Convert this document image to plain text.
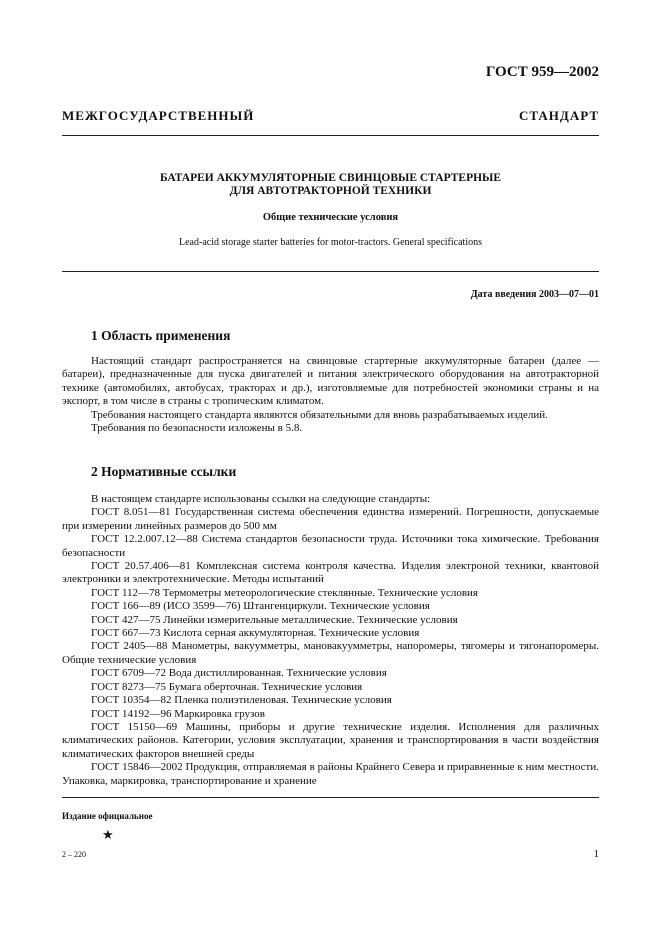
ГОСТ 959—2002
МЕЖГОСУДАРСТВЕННЫЙ СТАНДАРТ
БАТАРЕИ АККУМУЛЯТОРНЫЕ СВИНЦОВЫЕ СТАРТЕРНЫЕ
ДЛЯ АВТОТРАКТОРНОЙ ТЕХНИКИ
Общие технические условия
Lead-acid storage starter batteries for motor-tractors. General specifications
Дата введения 2003—07—01
1 Область применения

Настоящий стандарт распространяется на свинцовые стартерные аккумуляторные батареи (далее — батареи), предназначенные для пуска двигателей и питания электрического оборудования на автотракторной технике (автомобилях, автобусах, тракторах и др.), изготовляемые для потребностей экономики страны и на экспорт, в том числе в страны с тропическим климатом.

Требования настоящего стандарта являются обязательными для вновь разрабатываемых изделий.

Требования по безопасности изложены в 5.8.

2 Нормативные ссылки

В настоящем стандарте использованы ссылки на следующие стандарты:

ГОСТ 8.051—81 Государственная система обеспечения единства измерений. Погрешности, допускаемые при измерении линейных размеров до 500 мм

ГОСТ 12.2.007.12—88 Система стандартов безопасности труда. Источники тока химические. Требования безопасности

ГОСТ 20.57.406—81 Комплексная система контроля качества. Изделия электроной техники, квантовой электроники и электротехнические. Методы испытаний

ГОСТ 112—78 Термометры метеорологические стеклянные. Технические условия

ГОСТ 166—89 (ИСО 3599—76) Штангенциркули. Технические условия

ГОСТ 427—75 Линейки измерительные металлические. Технические условия

ГОСТ 667—73 Кислота серная аккумуляторная. Технические условия

ГОСТ 2405—88 Манометры, вакуумметры, мановакуумметры, напоромеры, тягомеры и тягонапоромеры. Общие технические условия

ГОСТ 6709—72 Вода дистиллированная. Технические условия

ГОСТ 8273—75 Бумага оберточная. Технические условия

ГОСТ 10354—82 Пленка полиэтиленовая. Технические условия

ГОСТ 14192—96 Маркировка грузов

ГОСТ 15150—69 Машины, приборы и другие технические изделия. Исполнения для различных климатических районов. Категории, условия эксплуатации, хранения и транспортирования в части воздействия климатических факторов внешней среды

ГОСТ 15846—2002 Продукция, отправляемая в районы Крайнего Севера и приравненные к ним местности. Упаковка, маркировка, транспортирование и хранение

Издание официальное
★
2 – 220	1
